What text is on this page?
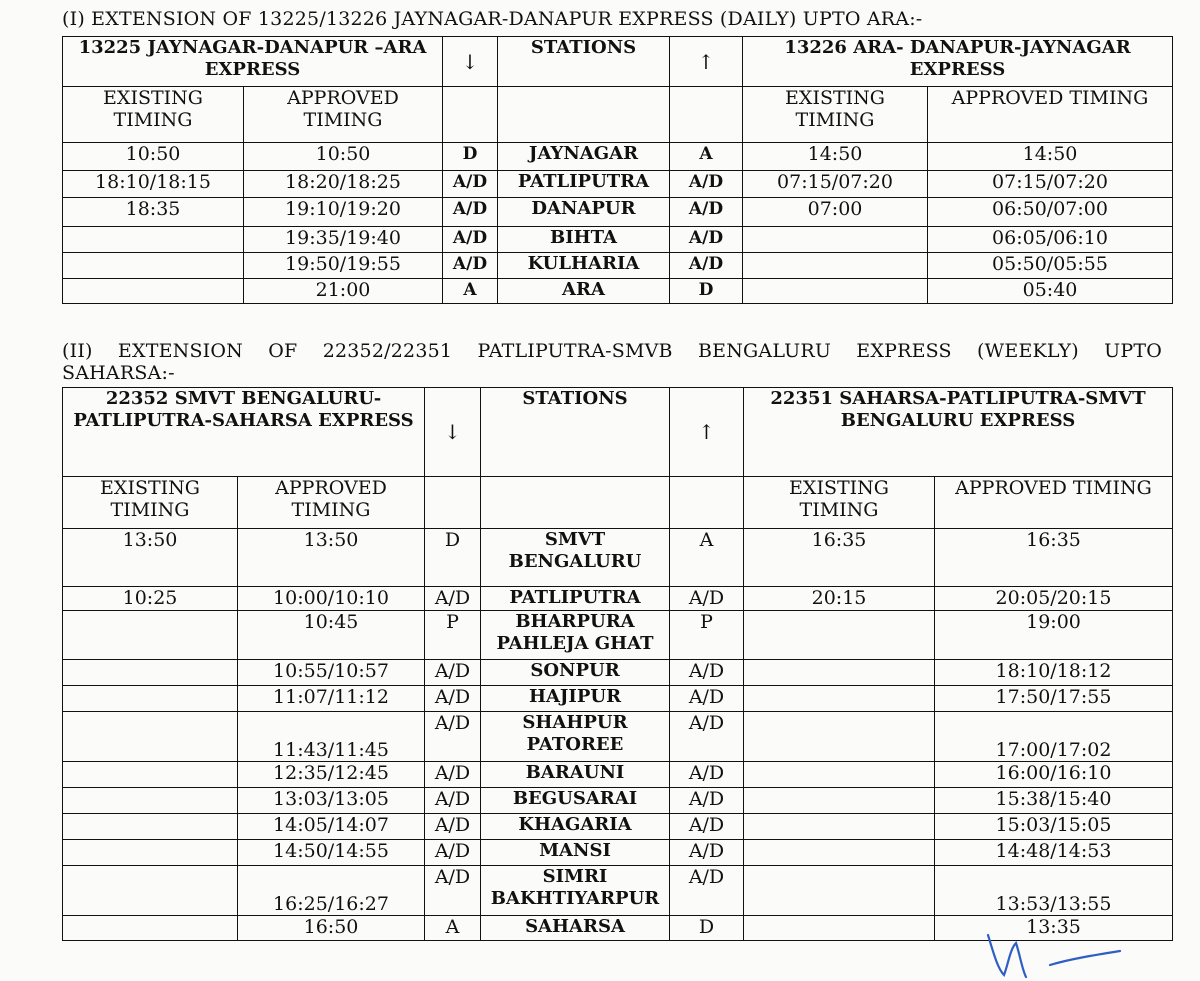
(I) EXTENSION OF 13225/13226 JAYNAGAR-DANAPUR EXPRESS (DAILY) UPTO ARA:-

13225 JAYNAGAR-DANAPUR –ARA EXPRESS		↓	STATIONS	↑	13226 ARA- DANAPUR-JAYNAGAR EXPRESS	
EXISTING TIMING	APPROVED TIMING				EXISTING TIMING	APPROVED TIMING
10:50	10:50	D	JAYNAGAR	A	14:50	14:50
18:10/18:15	18:20/18:25	A/D	PATLIPUTRA	A/D	07:15/07:20	07:15/07:20
18:35	19:10/19:20	A/D	DANAPUR	A/D	07:00	06:50/07:00
	19:35/19:40	A/D	BIHTA	A/D		06:05/06:10
	19:50/19:55	A/D	KULHARIA	A/D		05:50/05:55
	21:00	A	ARA	D		05:40

(II) EXTENSION OF 22352/22351 PATLIPUTRA-SMVB BENGALURU EXPRESS (WEEKLY) UPTO SAHARSA:-

22352 SMVT BENGALURU-PATLIPUTRA-SAHARSA EXPRESS		↓	STATIONS	↑	22351 SAHARSA-PATLIPUTRA-SMVT BENGALURU EXPRESS	
EXISTING TIMING	APPROVED TIMING				EXISTING TIMING	APPROVED TIMING
13:50	13:50	D	SMVT BENGALURU	A	16:35	16:35
10:25	10:00/10:10	A/D	PATLIPUTRA	A/D	20:15	20:05/20:15
	10:45	P	BHARPURA PAHLEJA GHAT	P		19:00
	10:55/10:57	A/D	SONPUR	A/D		18:10/18:12
	11:07/11:12	A/D	HAJIPUR	A/D		17:50/17:55
	11:43/11:45	A/D	SHAHPUR PATOREE	A/D		17:00/17:02
	12:35/12:45	A/D	BARAUNI	A/D		16:00/16:10
	13:03/13:05	A/D	BEGUSARAI	A/D		15:38/15:40
	14:05/14:07	A/D	KHAGARIA	A/D		15:03/15:05
	14:50/14:55	A/D	MANSI	A/D		14:48/14:53
	16:25/16:27	A/D	SIMRI BAKHTIYARPUR	A/D		13:53/13:55
	16:50	A	SAHARSA	D		13:35
